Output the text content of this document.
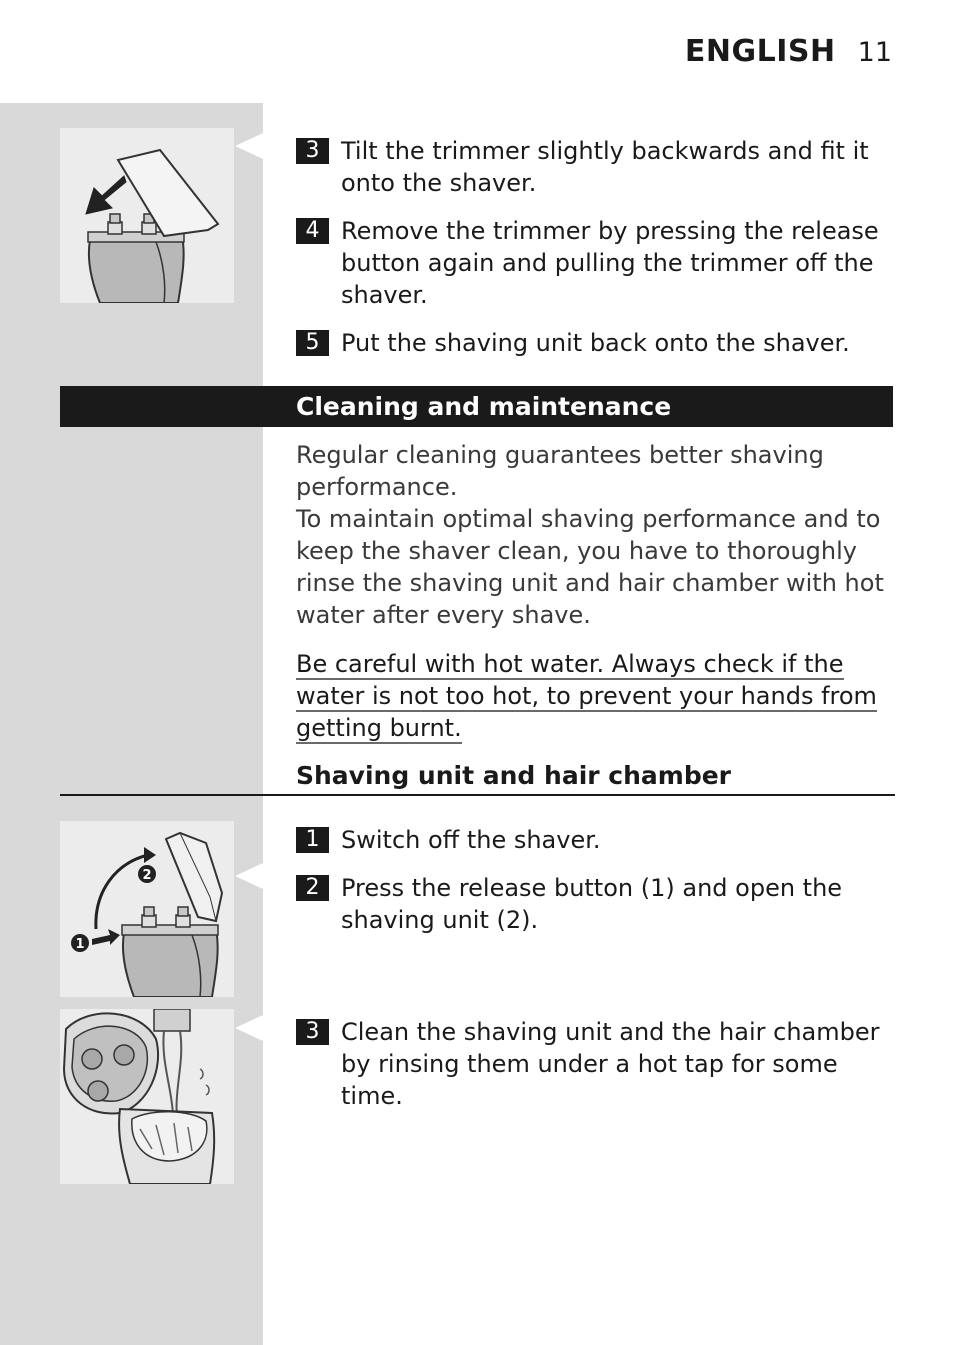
ENGLISH 11
3 Tilt the trimmer slightly backwards and fit it onto the shaver.
4 Remove the trimmer by pressing the release button again and pulling the trimmer off the shaver.
5 Put the shaving unit back onto the shaver.
Cleaning and maintenance
Regular cleaning guarantees better shaving performance.
To maintain optimal shaving performance and to keep the shaver clean, you have to thoroughly rinse the shaving unit and hair chamber with hot water after every shave.
Be careful with hot water. Always check if the water is not too hot, to prevent your hands from getting burnt.
Shaving unit and hair chamber
2
1
1 Switch off the shaver.
2 Press the release button (1) and open the shaving unit (2).
3 Clean the shaving unit and the hair chamber by rinsing them under a hot tap for some time.
